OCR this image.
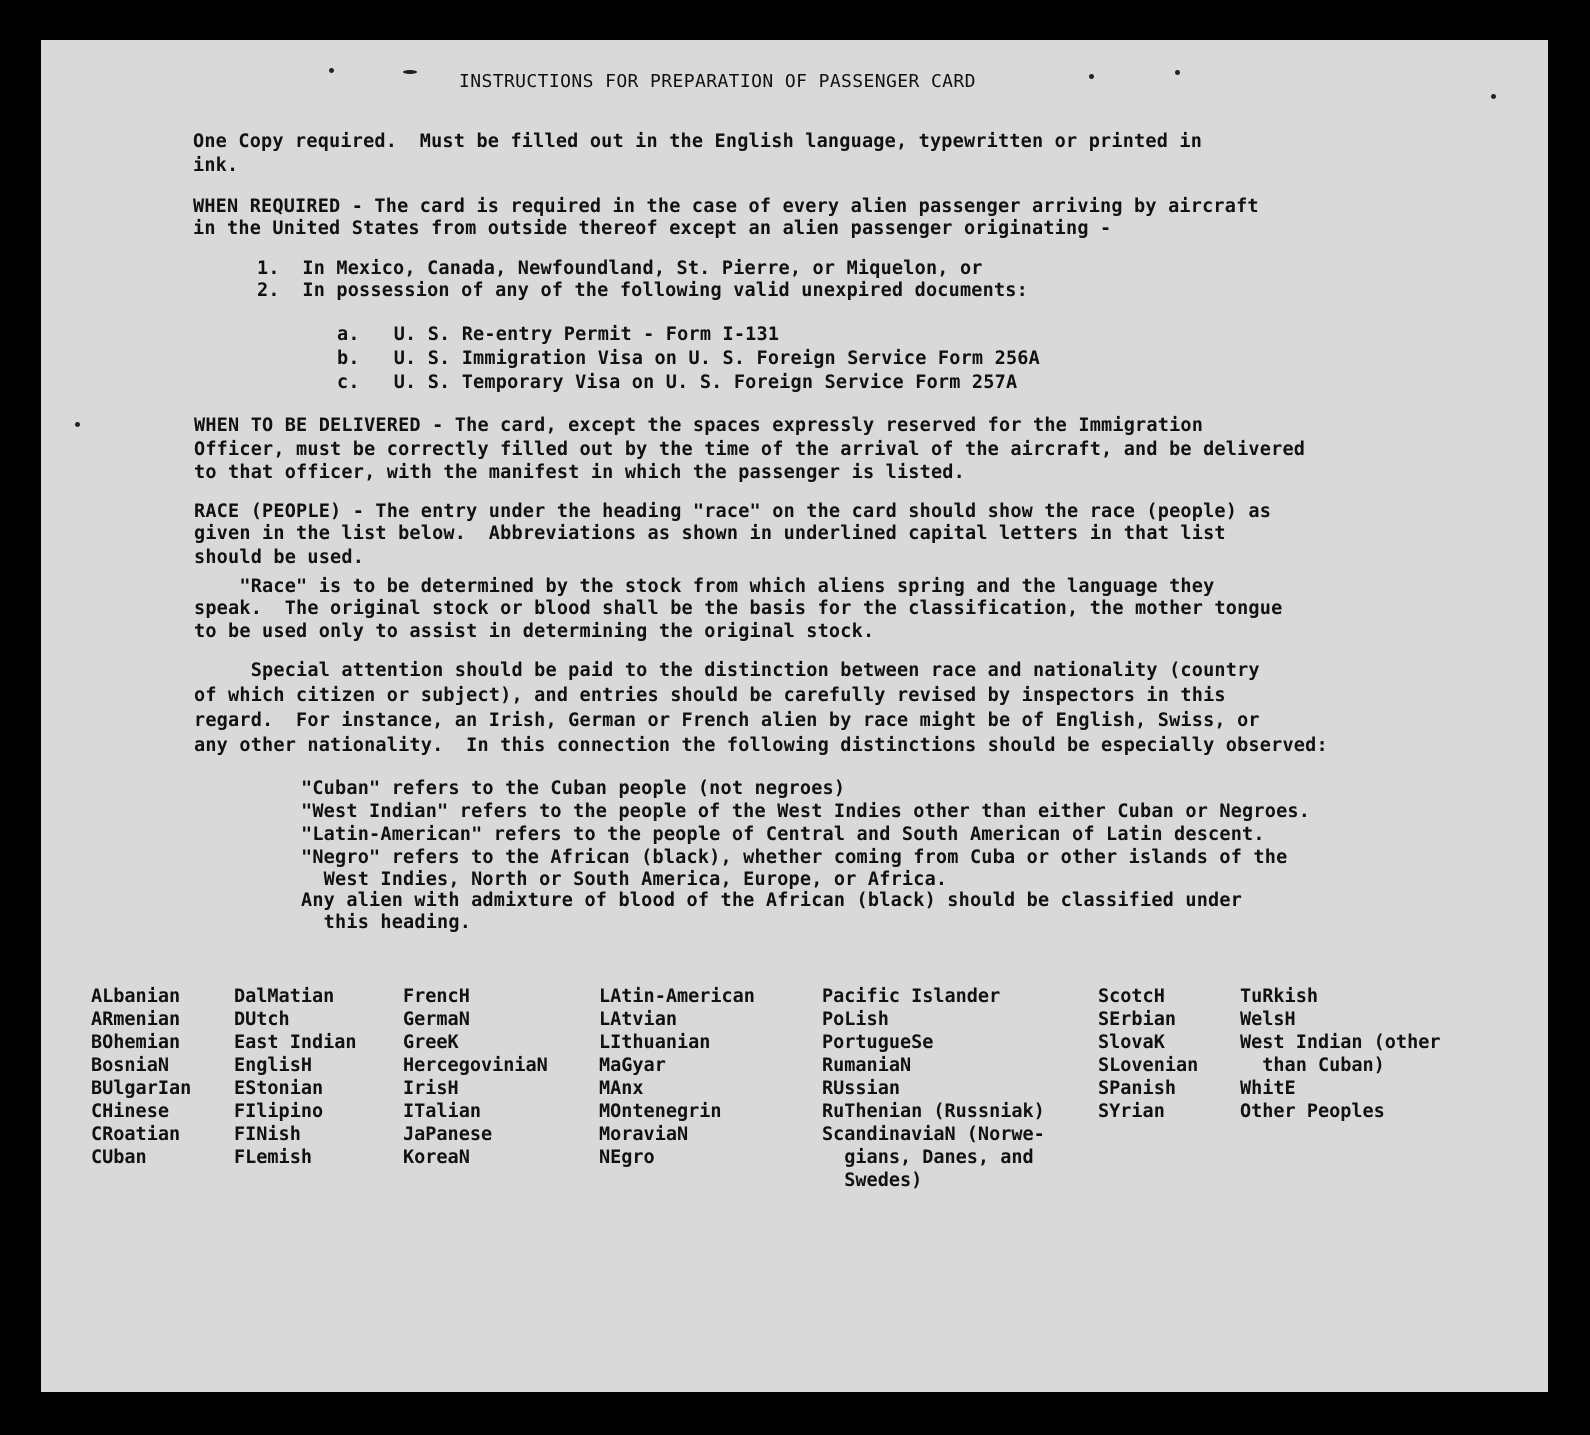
INSTRUCTIONS FOR PREPARATION OF PASSENGER CARD
One Copy required.  Must be filled out in the English language, typewritten or printed in
ink.
WHEN REQUIRED - The card is required in the case of every alien passenger arriving by aircraft
in the United States from outside thereof except an alien passenger originating -
1.  In Mexico, Canada, Newfoundland, St. Pierre, or Miquelon, or
2.  In possession of any of the following valid unexpired documents:
a.   U. S. Re-entry Permit - Form I-131
b.   U. S. Immigration Visa on U. S. Foreign Service Form 256A
c.   U. S. Temporary Visa on U. S. Foreign Service Form 257A
WHEN TO BE DELIVERED - The card, except the spaces expressly reserved for the Immigration
Officer, must be correctly filled out by the time of the arrival of the aircraft, and be delivered
to that officer, with the manifest in which the passenger is listed.
RACE (PEOPLE) - The entry under the heading "race" on the card should show the race (people) as
given in the list below.  Abbreviations as shown in underlined capital letters in that list
should be used.
"Race" is to be determined by the stock from which aliens spring and the language they
speak.  The original stock or blood shall be the basis for the classification, the mother tongue
to be used only to assist in determining the original stock.
Special attention should be paid to the distinction between race and nationality (country
of which citizen or subject), and entries should be carefully revised by inspectors in this
regard.  For instance, an Irish, German or French alien by race might be of English, Swiss, or
any other nationality.  In this connection the following distinctions should be especially observed:
"Cuban" refers to the Cuban people (not negroes)
"West Indian" refers to the people of the West Indies other than either Cuban or Negroes.
"Latin-American" refers to the people of Central and South American of Latin descent.
"Negro" refers to the African (black), whether coming from Cuba or other islands of the
West Indies, North or South America, Europe, or Africa.
Any alien with admixture of blood of the African (black) should be classified under
this heading.
ALbanian
ARmenian
BOhemian
BosniaN
BUlgarIan
CHinese
CRoatian
CUban
DalMatian
DUtch
East Indian
EnglisH
EStonian
FIlipino
FINish
FLemish
FrencH
GermaN
GreeK
HercegoviniaN
IrisH
ITalian
JaPanese
KoreaN
LAtin-American
LAtvian
LIthuanian
MaGyar
MAnx
MOntenegrin
MoraviaN
NEgro
Pacific Islander
PoLish
PortugueSe
RumaniaN
RUssian
RuThenian (Russniak)
ScandinaviaN (Norwe-
gians, Danes, and
Swedes)
ScotcH
SErbian
SlovaK
SLovenian
SPanish
SYrian
TuRkish
WelsH
West Indian (other
than Cuban)
WhitE
Other Peoples
